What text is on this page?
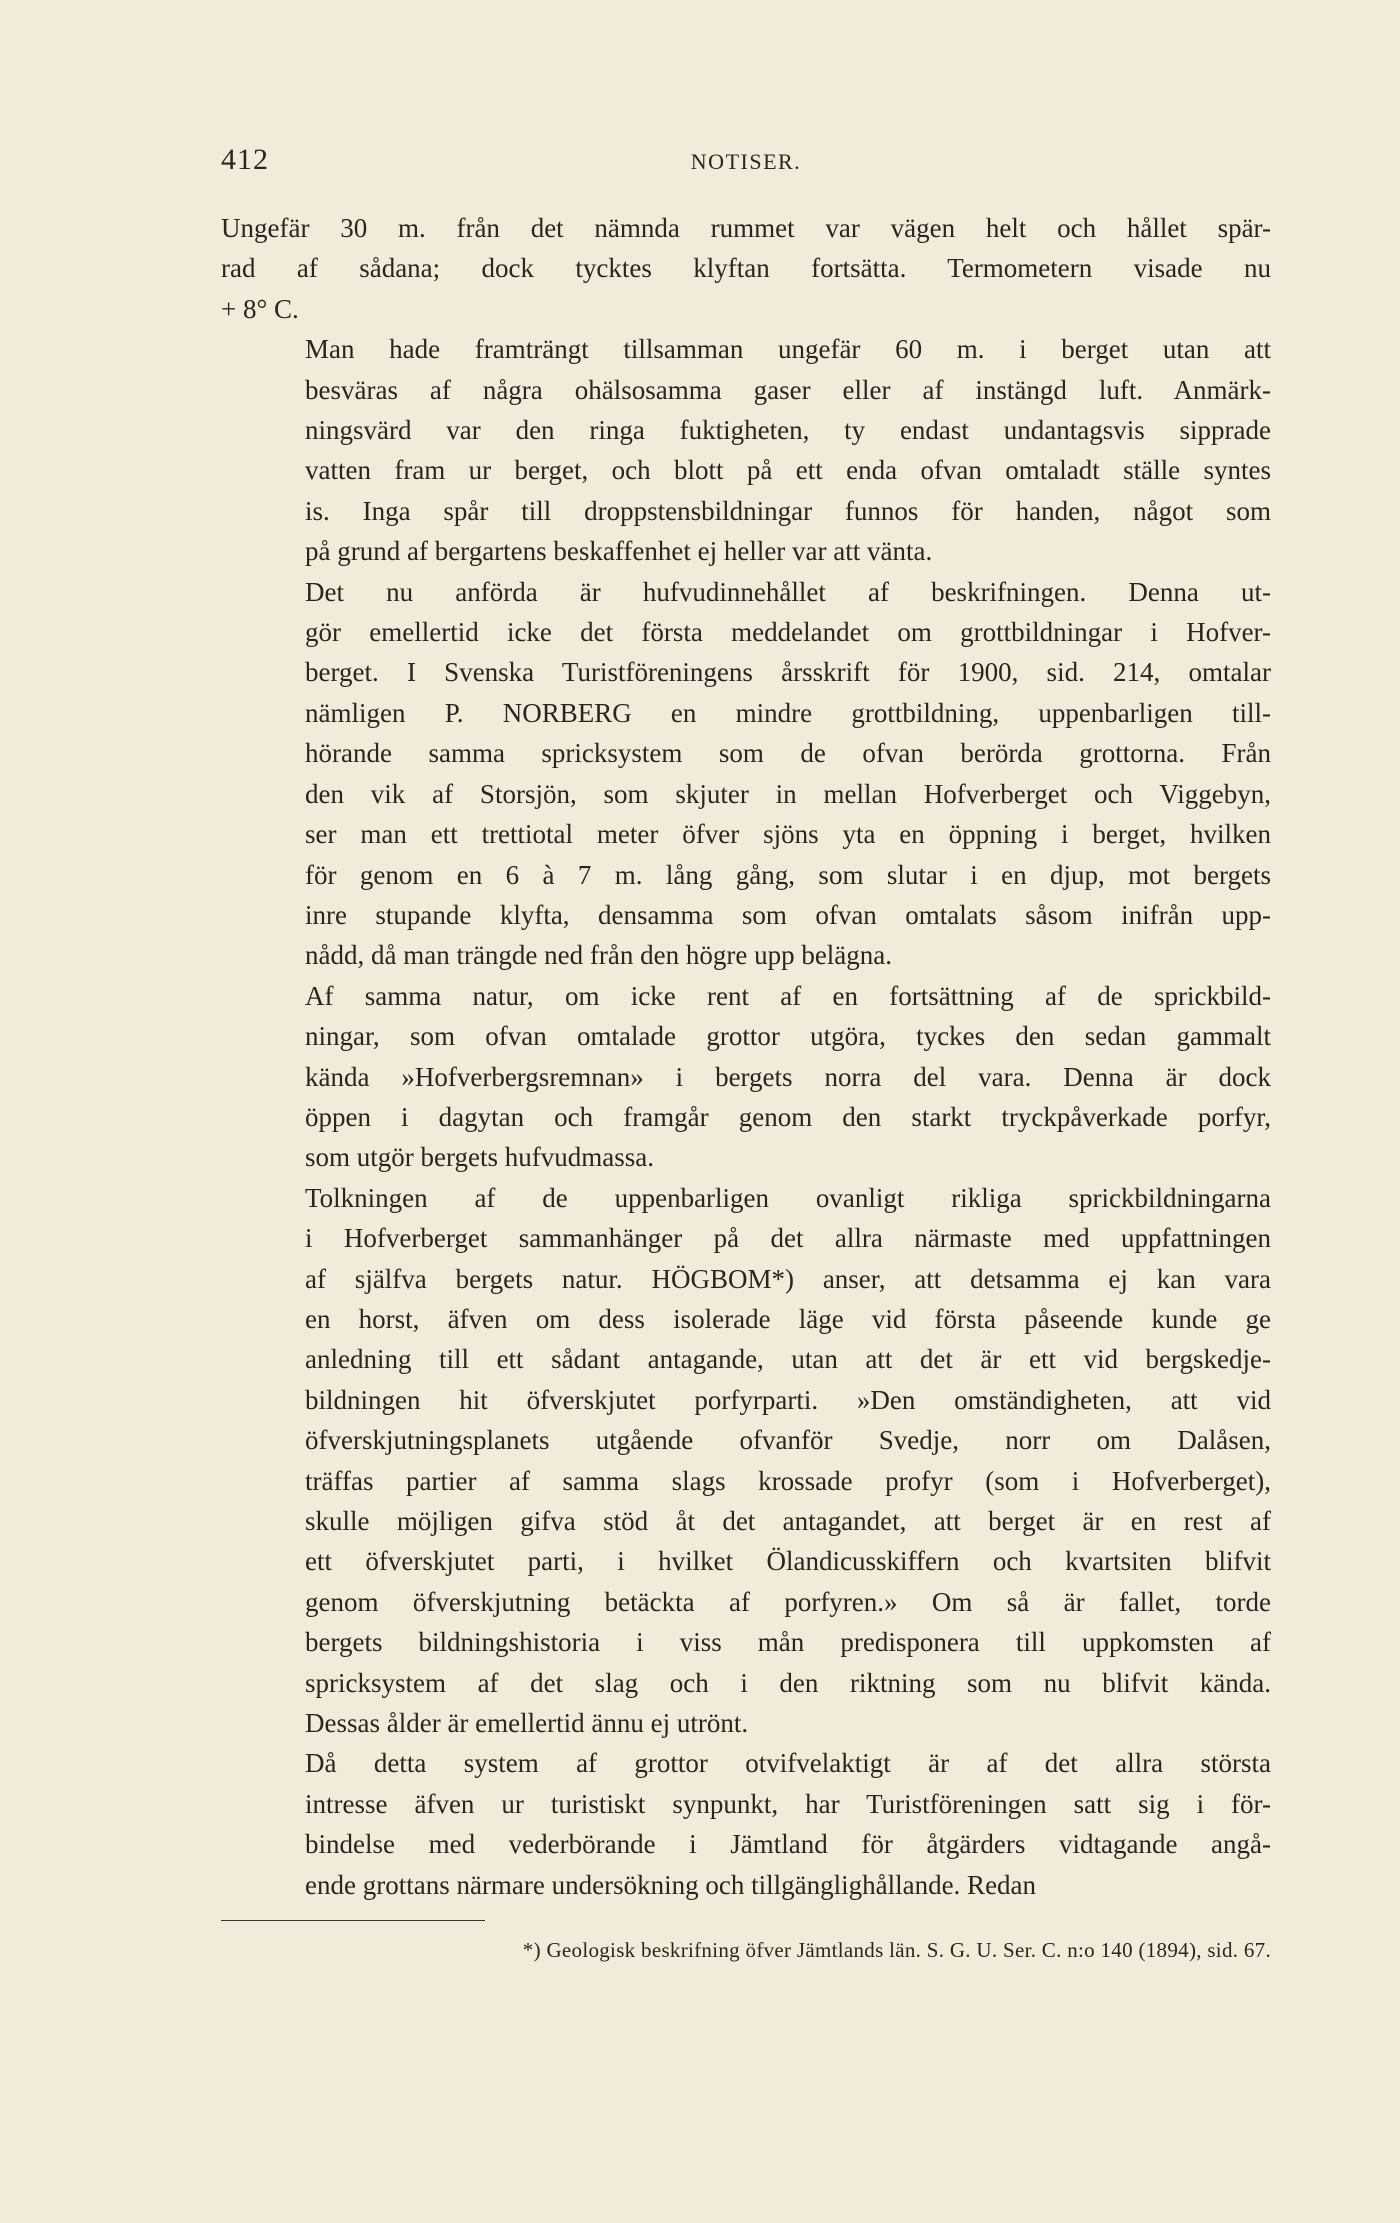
412	NOTISER.

Ungefär 30 m. från det nämnda rummet var vägen helt och hållet spär-
rad af sådana; dock tycktes klyftan fortsätta. Termometern visade nu
+ 8° C.

Man hade framträngt tillsamman ungefär 60 m. i berget utan att
besväras af några ohälsosamma gaser eller af instängd luft. Anmärk-
ningsvärd var den ringa fuktigheten, ty endast undantagsvis sipprade
vatten fram ur berget, och blott på ett enda ofvan omtaladt ställe syntes
is. Inga spår till droppstensbildningar funnos för handen, något som
på grund af bergartens beskaffenhet ej heller var att vänta.

Det nu anförda är hufvudinnehållet af beskrifningen. Denna ut-
gör emellertid icke det första meddelandet om grottbildningar i Hofver-
berget. I Svenska Turistföreningens årsskrift för 1900, sid. 214, omtalar
nämligen P. NORBERG en mindre grottbildning, uppenbarligen till-
hörande samma spricksystem som de ofvan berörda grottorna. Från
den vik af Storsjön, som skjuter in mellan Hofverberget och Viggebyn,
ser man ett trettiotal meter öfver sjöns yta en öppning i berget, hvilken
för genom en 6 à 7 m. lång gång, som slutar i en djup, mot bergets
inre stupande klyfta, densamma som ofvan omtalats såsom inifrån upp-
nådd, då man trängde ned från den högre upp belägna.

Af samma natur, om icke rent af en fortsättning af de sprickbild-
ningar, som ofvan omtalade grottor utgöra, tyckes den sedan gammalt
kända »Hofverbergsremnan» i bergets norra del vara. Denna är dock
öppen i dagytan och framgår genom den starkt tryckpåverkade porfyr,
som utgör bergets hufvudmassa.

Tolkningen af de uppenbarligen ovanligt rikliga sprickbildningarna
i Hofverberget sammanhänger på det allra närmaste med uppfattningen
af själfva bergets natur. HÖGBOM*) anser, att detsamma ej kan vara
en horst, äfven om dess isolerade läge vid första påseende kunde ge
anledning till ett sådant antagande, utan att det är ett vid bergskedje-
bildningen hit öfverskjutet porfyrparti. »Den omständigheten, att vid
öfverskjutningsplanets utgående ofvanför Svedje, norr om Dalåsen,
träffas partier af samma slags krossade profyr (som i Hofverberget),
skulle möjligen gifva stöd åt det antagandet, att berget är en rest af
ett öfverskjutet parti, i hvilket Ölandicusskiffern och kvartsiten blifvit
genom öfverskjutning betäckta af porfyren.» Om så är fallet, torde
bergets bildningshistoria i viss mån predisponera till uppkomsten af
spricksystem af det slag och i den riktning som nu blifvit kända.
Dessas ålder är emellertid ännu ej utrönt.

Då detta system af grottor otvifvelaktigt är af det allra största
intresse äfven ur turistiskt synpunkt, har Turistföreningen satt sig i för-
bindelse med vederbörande i Jämtland för åtgärders vidtagande angå-
ende grottans närmare undersökning och tillgänglighållande. Redan

*) Geologisk beskrifning öfver Jämtlands län. S. G. U. Ser. C. n:o 140 (1894), sid. 67.
